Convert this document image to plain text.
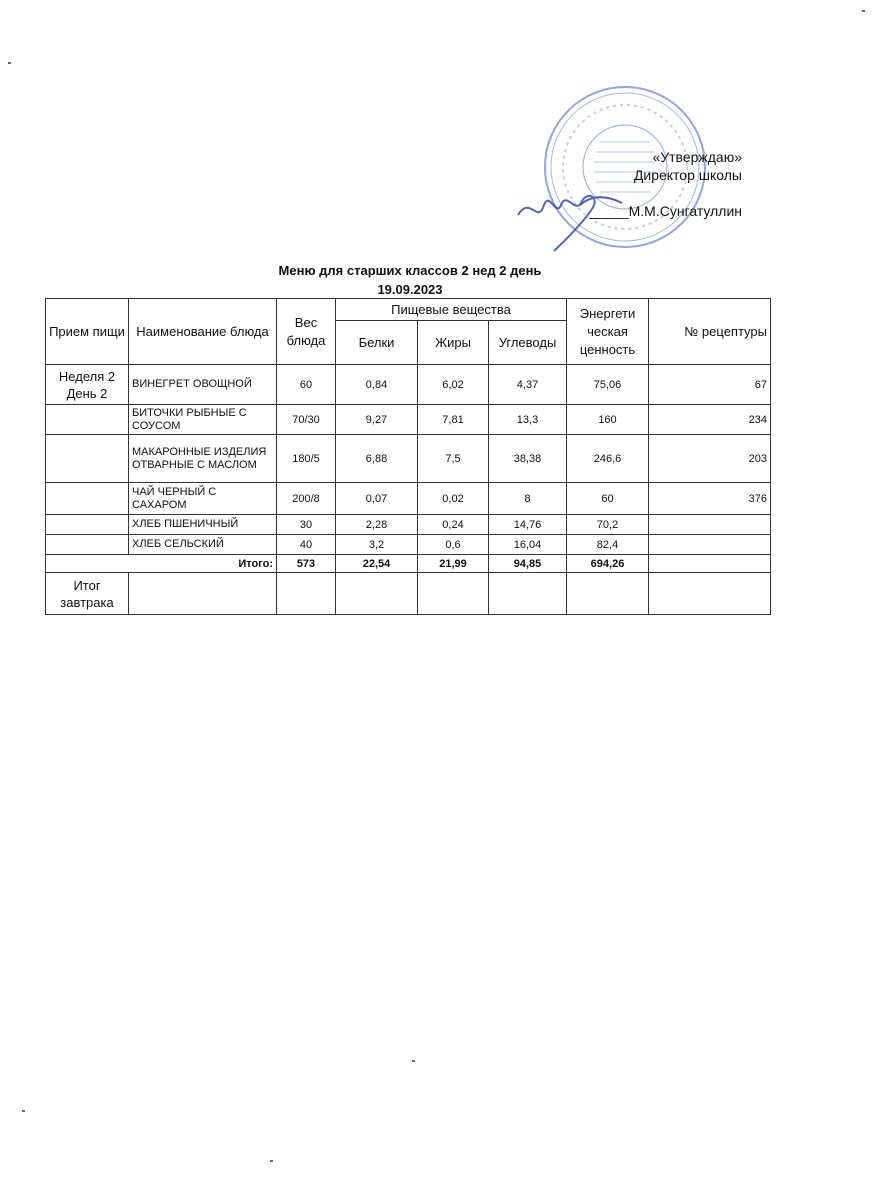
«Утверждаю»
Директор школы
_____М.М.Сунгатуллин
Меню для старших классов 2 нед 2 день
19.09.2023
Прием пищи	Наименование блюда	Вес блюда	Пищевые вещества			Энергети ческая ценность	№ рецептуры
			Белки	Жиры	Углеводы		
Неделя 2 День 2	ВИНЕГРЕТ ОВОЩНОЙ	60	0,84	6,02	4,37	75,06	67
	БИТОЧКИ РЫБНЫЕ С СОУСОМ	70/30	9,27	7,81	13,3	160	234
	МАКАРОННЫЕ ИЗДЕЛИЯ ОТВАРНЫЕ С МАСЛОМ	180/5	6,88	7,5	38,38	246,6	203
	ЧАЙ ЧЕРНЫЙ С САХАРОМ	200/8	0,07	0,02	8	60	376
	ХЛЕБ ПШЕНИЧНЫЙ	30	2,28	0,24	14,76	70,2	
	ХЛЕБ СЕЛЬСКИЙ	40	3,2	0,6	16,04	82,4	
Итого:		573	22,54	21,99	94,85	694,26	
Итог завтрака							
